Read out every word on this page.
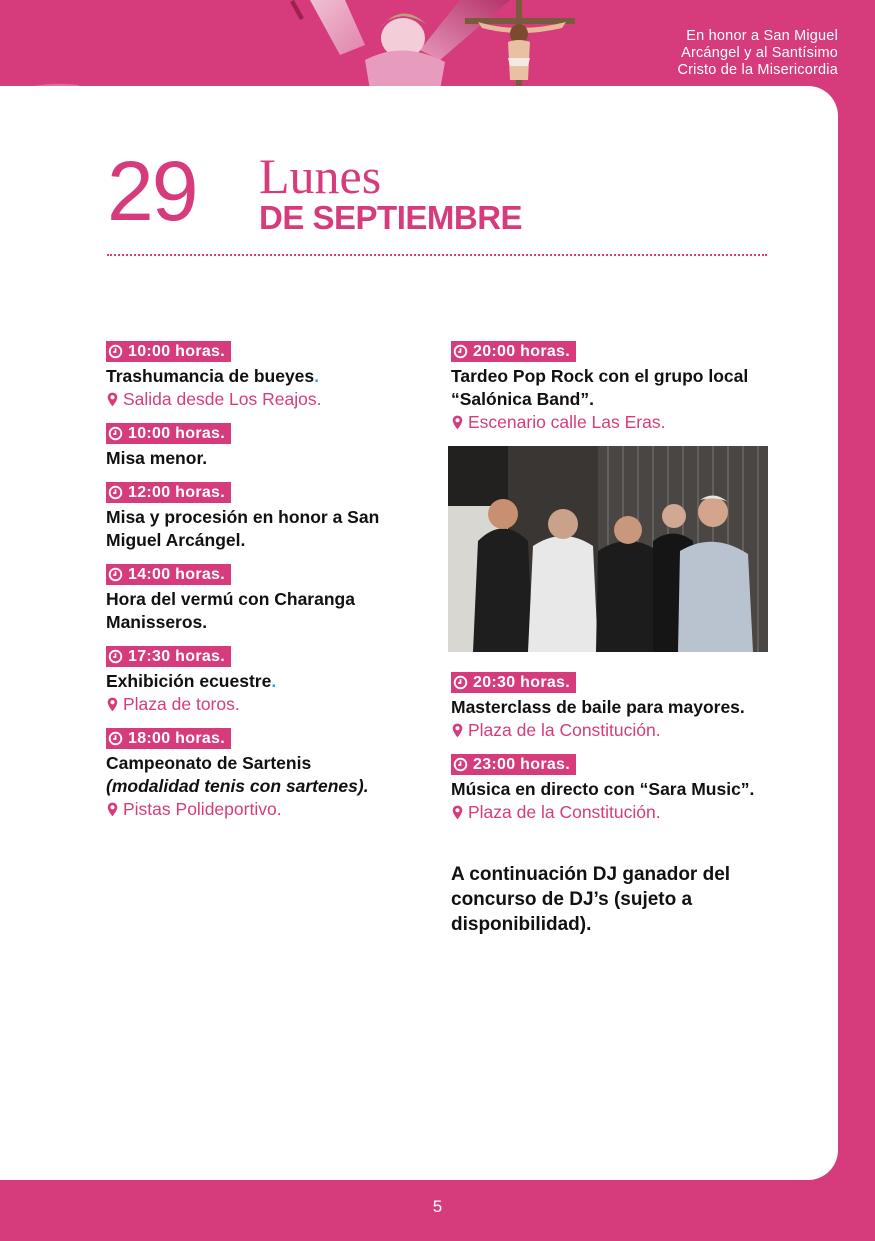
En honor a San Miguel
Arcángel y al Santísimo
Cristo de la Misericordia
29 Lunes
DE SEPTIEMBRE
10:00 horas.
Trashumancia de bueyes.
Salida desde Los Reajos.
10:00 horas.
Misa menor.
12:00 horas.
Misa y procesión en honor a San Miguel Arcángel.
14:00 horas.
Hora del vermú con Charanga Manisseros.
17:30 horas.
Exhibición ecuestre.
Plaza de toros.
18:00 horas.
Campeonato de Sartenis
(modalidad tenis con sartenes).
Pistas Polideportivo.
20:00 horas.
Tardeo Pop Rock con el grupo local “Salónica Band”.
Escenario calle Las Eras.
20:30 horas.
Masterclass de baile para mayores.
Plaza de la Constitución.
23:00 horas.
Música en directo con “Sara Music”.
Plaza de la Constitución.
A continuación DJ ganador del concurso de DJ’s (sujeto a disponibilidad).
5
